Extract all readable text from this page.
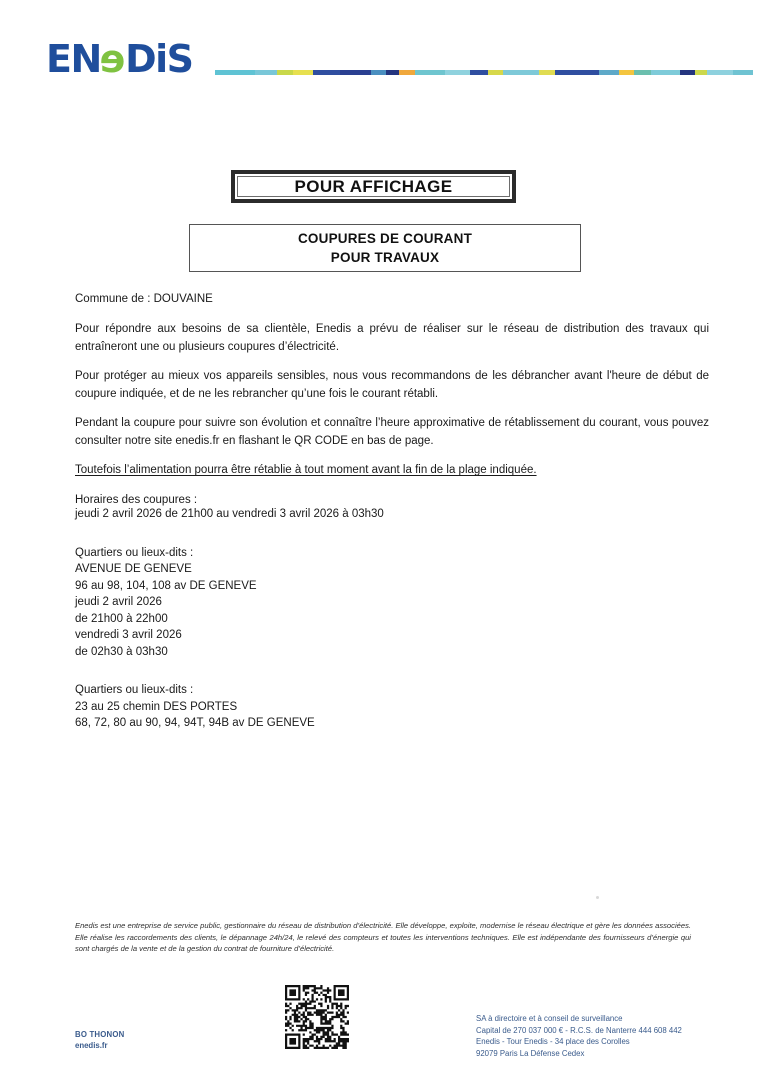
ENeDiS
POUR AFFICHAGE
COUPURES DE COURANT
POUR TRAVAUX
Commune de : DOUVAINE

Pour répondre aux besoins de sa clientèle, Enedis a prévu de réaliser sur le réseau de distribution des travaux qui entraîneront une ou plusieurs coupures d’électricité.

Pour protéger au mieux vos appareils sensibles, nous vous recommandons de les débrancher avant l'heure de début de coupure indiquée, et de ne les rebrancher qu’une fois le courant rétabli.

Pendant la coupure pour suivre son évolution et connaître l’heure approximative de rétablissement du courant, vous pouvez consulter notre site enedis.fr en flashant le QR CODE en bas de page.

Toutefois l’alimentation pourra être rétablie à tout moment avant la fin de la plage indiquée.

Horaires des coupures :
jeudi 2 avril 2026 de 21h00 au vendredi 3 avril 2026 à 03h30
Quartiers ou lieux-dits :
AVENUE DE GENEVE
96 au 98, 104, 108 av DE GENEVE
jeudi 2 avril 2026
de 21h00 à 22h00
vendredi 3 avril 2026
de 02h30 à 03h30
Quartiers ou lieux-dits :
23 au 25 chemin DES PORTES
68, 72, 80 au 90, 94, 94T, 94B av DE GENEVE
Enedis est une entreprise de service public, gestionnaire du réseau de distribution d’électricité. Elle développe, exploite, modernise le réseau électrique et gère les données associées. Elle réalise les raccordements des clients, le dépannage 24h/24, le relevé des compteurs et toutes les interventions techniques. Elle est indépendante des fournisseurs d’énergie qui sont chargés de la vente et de la gestion du contrat de fourniture d’électricité.
BO THONON
enedis.fr
SA à directoire et à conseil de surveillance
Capital de 270 037 000 € - R.C.S. de Nanterre 444 608 442
Enedis - Tour Enedis - 34 place des Corolles
92079 Paris La Défense Cedex
